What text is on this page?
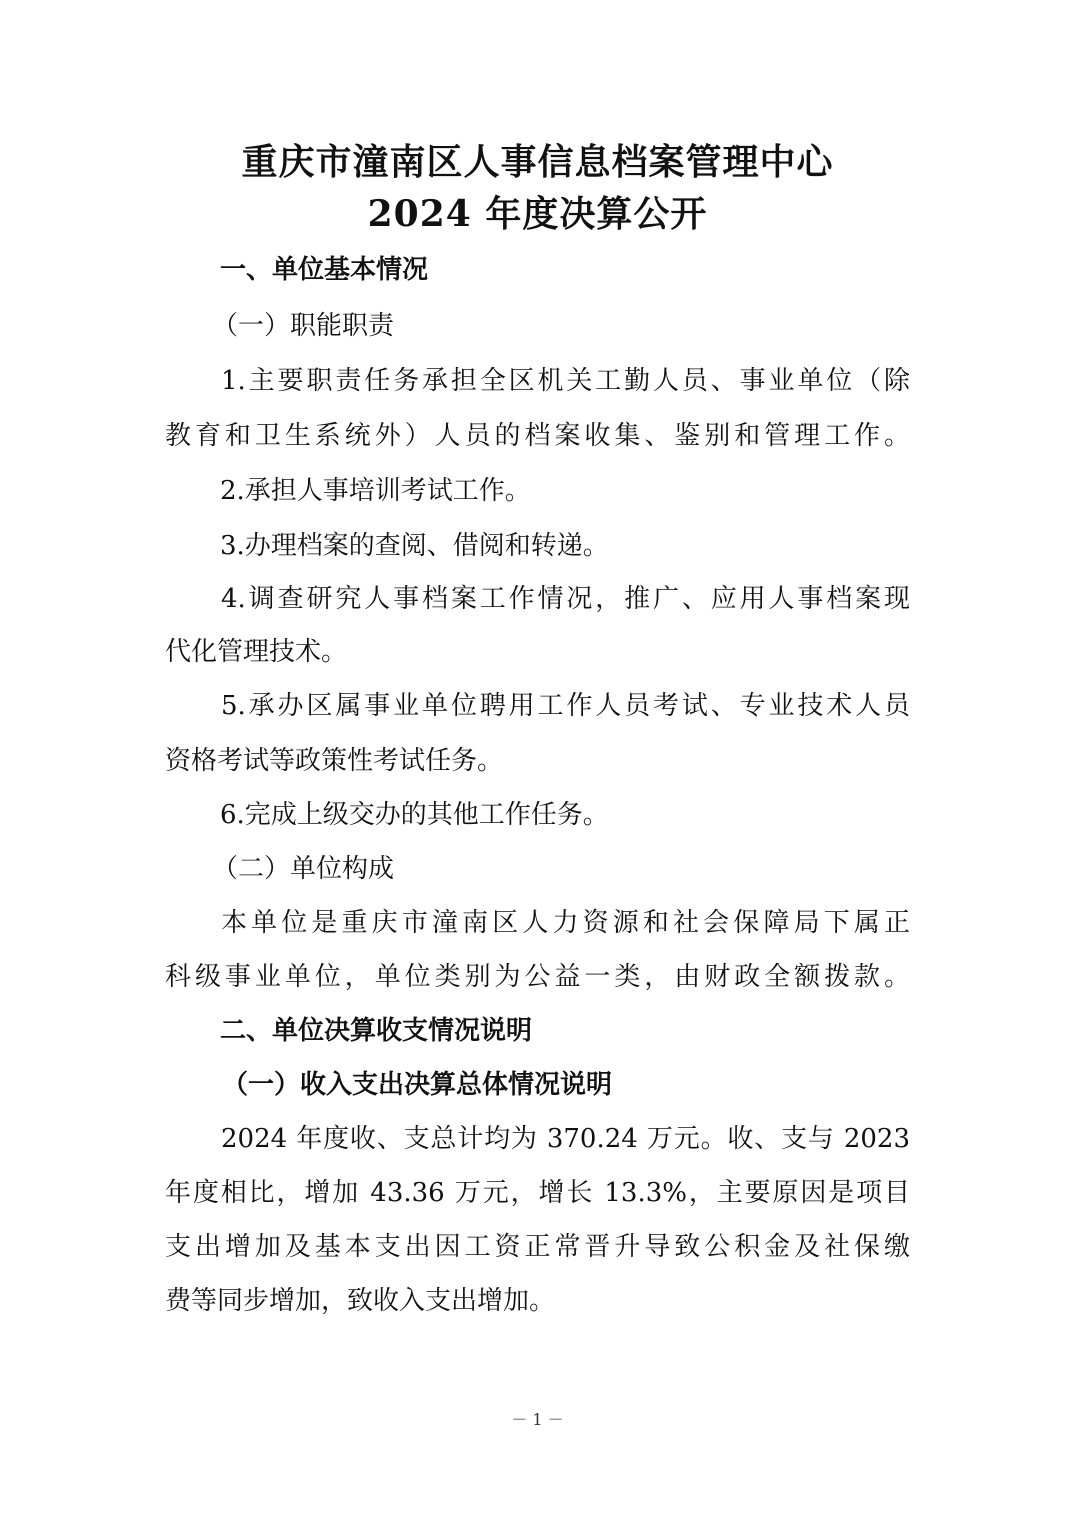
重庆市潼南区人事信息档案管理中心
2024 年度决算公开

一、单位基本情况

（一）职能职责

1.主要职责任务承担全区机关工勤人员、事业单位（除

教育和卫生系统外）人员的档案收集、鉴别和管理工作。

2.承担人事培训考试工作。

3.办理档案的查阅、借阅和转递。

4.调查研究人事档案工作情况，推广、应用人事档案现

代化管理技术。

5.承办区属事业单位聘用工作人员考试、专业技术人员

资格考试等政策性考试任务。

6.完成上级交办的其他工作任务。

（二）单位构成

本单位是重庆市潼南区人力资源和社会保障局下属正

科级事业单位，单位类别为公益一类，由财政全额拨款。

二、单位决算收支情况说明

（一）收入支出决算总体情况说明

2024 年度收、支总计均为 370.24 万元。收、支与 2023

年度相比，增加 43.36 万元，增长 13.3%，主要原因是项目

支出增加及基本支出因工资正常晋升导致公积金及社保缴

费等同步增加，致收入支出增加。

－ 1 －
